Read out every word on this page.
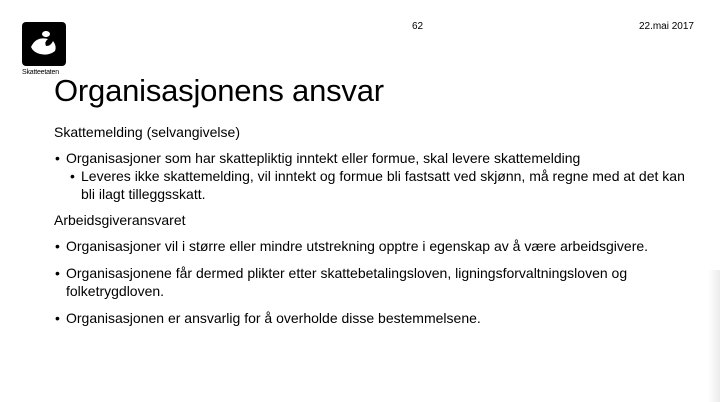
Skatteetaten
62	22.mai 2017
Organisasjonens ansvar
Skattemelding (selvangivelse)
• Organisasjoner som har skattepliktig inntekt eller formue, skal levere skattemelding
• Leveres ikke skattemelding, vil inntekt og formue bli fastsatt ved skjønn, må regne med at det kan bli ilagt tilleggsskatt.
Arbeidsgiveransvaret
• Organisasjoner vil i større eller mindre utstrekning opptre i egenskap av å være arbeidsgivere.
• Organisasjonene får dermed plikter etter skattebetalingsloven, ligningsforvaltningsloven og folketrygdloven.
• Organisasjonen er ansvarlig for å overholde disse bestemmelsene.
